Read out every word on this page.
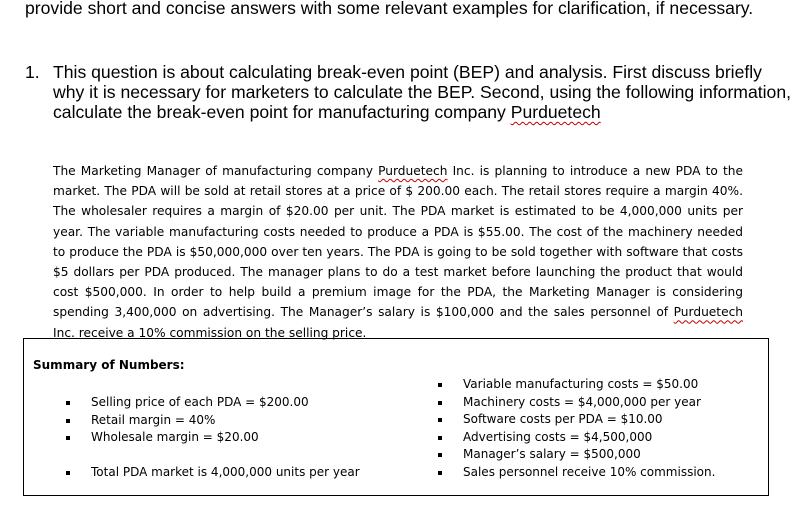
provide short and concise answers with some relevant examples for clarification, if necessary.
1. This question is about calculating break-even point (BEP) and analysis. First discuss briefly
why it is necessary for marketers to calculate the BEP. Second, using the following information,
calculate the break-even point for manufacturing company Purduetech

The Marketing Manager of manufacturing company Purduetech Inc. is planning to introduce a new PDA to the market. The PDA will be sold at retail stores at a price of $ 200.00 each. The retail stores require a margin 40%. The wholesaler requires a margin of $20.00 per unit. The PDA market is estimated to be 4,000,000 units per year. The variable manufacturing costs needed to produce a PDA is $55.00. The cost of the machinery needed to produce the PDA is $50,000,000 over ten years. The PDA is going to be sold together with software that costs $5 dollars per PDA produced. The manager plans to do a test market before launching the product that would cost $500,000. In order to help build a premium image for the PDA, the Marketing Manager is considering spending 3,400,000 on advertising. The Manager’s salary is $100,000 and the sales personnel of Purduetech Inc. receive a 10% commission on the selling price.

Summary of Numbers:
Selling price of each PDA = $200.00
Retail margin = 40%
Wholesale margin = $20.00
Total PDA market is 4,000,000 units per year
Variable manufacturing costs = $50.00
Machinery costs = $4,000,000 per year
Software costs per PDA = $10.00
Advertising costs = $4,500,000
Manager’s salary = $500,000
Sales personnel receive 10% commission.
